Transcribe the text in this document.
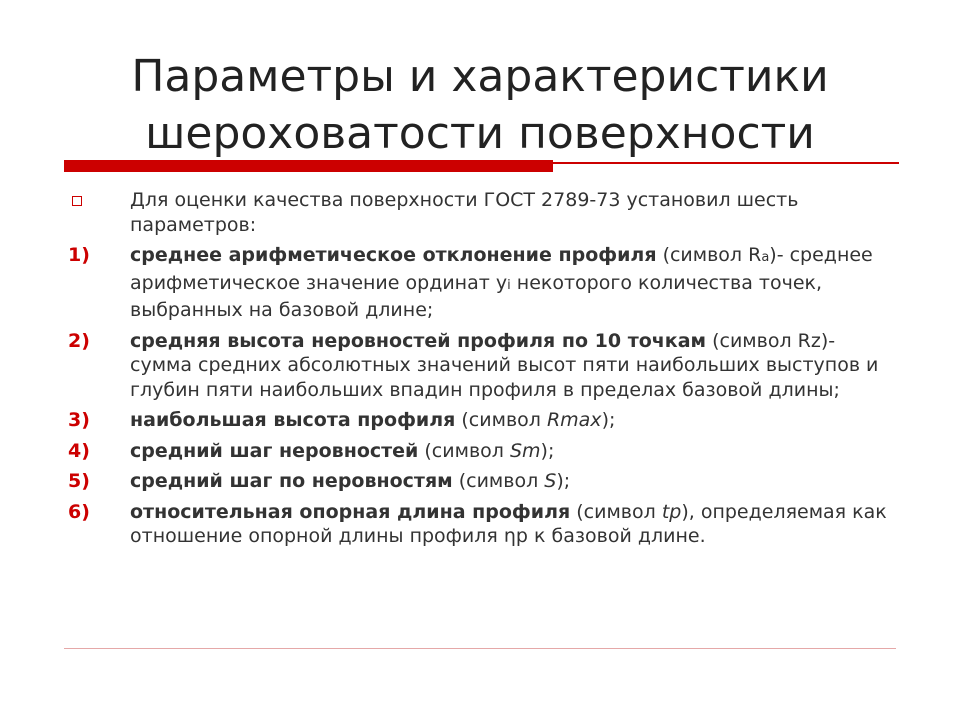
Параметры и характеристики
шероховатости поверхности
Для оценки качества поверхности ГОСТ 2789-73 установил шесть параметров:
1)	среднее арифметическое отклонение профиля (символ Ra)- среднее арифметическое значение ординат yi некоторого количества точек, выбранных на базовой длине;
2)	средняя высота неровностей профиля по 10 точкам (символ Rz)- сумма средних абсолютных значений высот пяти наибольших выступов и глубин пяти наибольших впадин профиля в пределах базовой длины;
3)	наибольшая высота профиля (символ Rmax);
4)	средний шаг неровностей (символ Sm);
5)	средний шаг по неровностям (символ S);
6)	относительная опорная длина профиля (символ tp), определяемая как отношение опорной длины профиля ηр к базовой длине.
